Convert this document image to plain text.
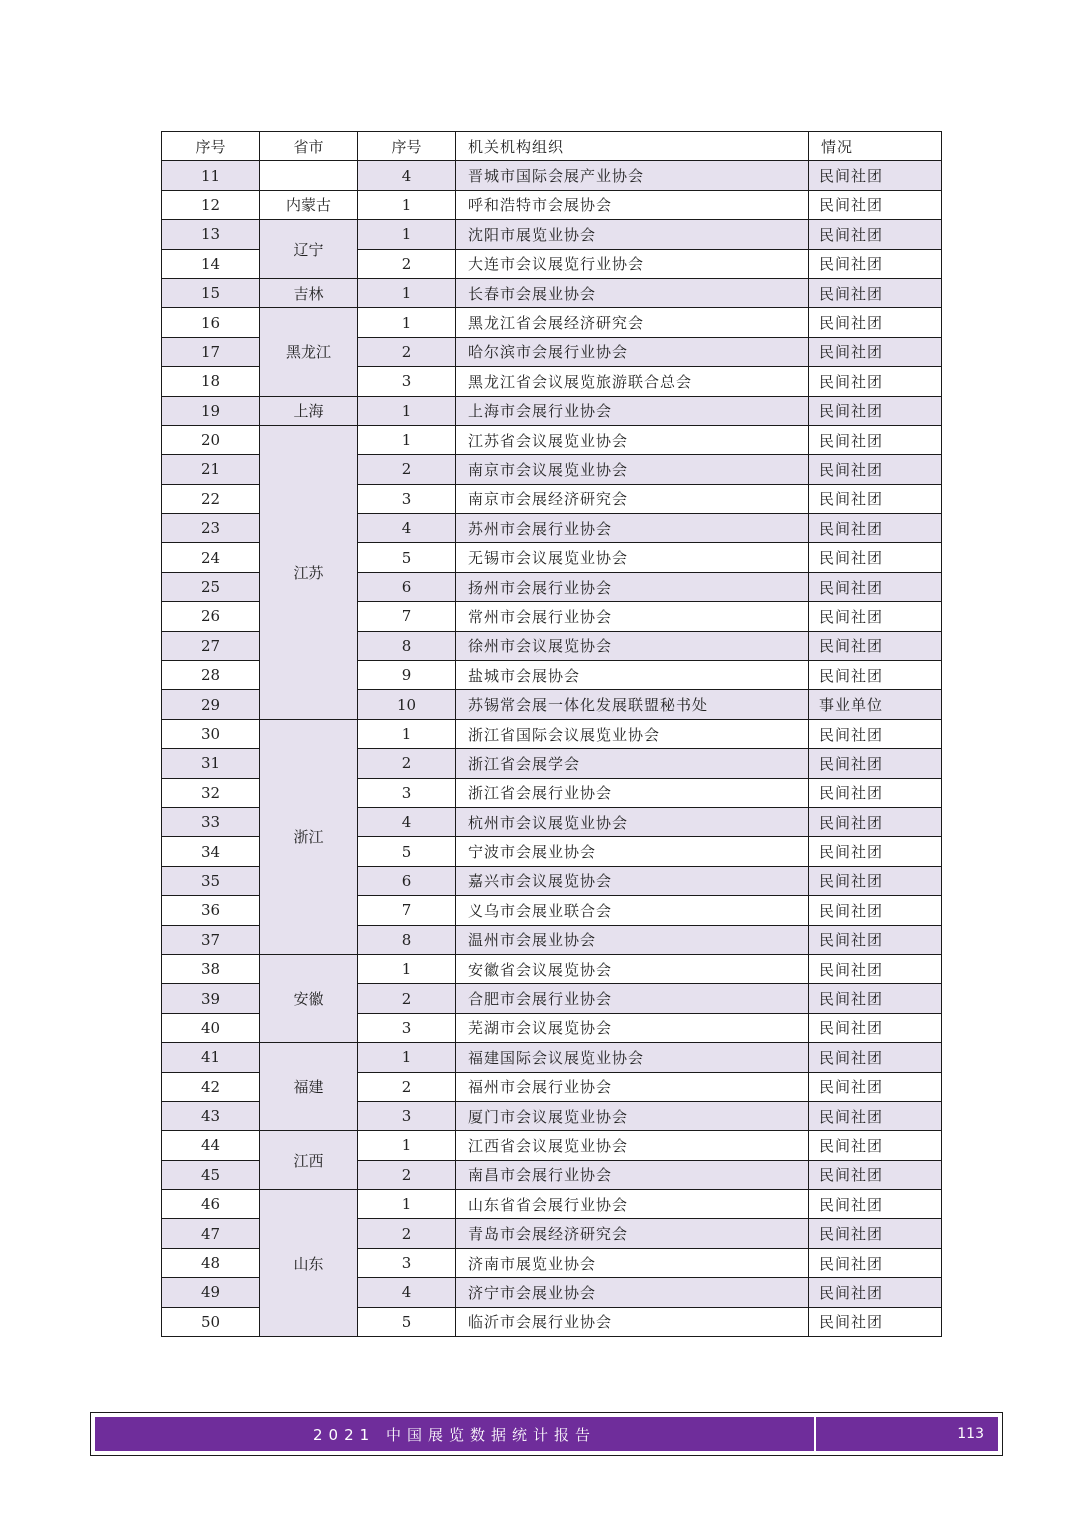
序号	省市	序号	机关机构组织	情况
11		4	晋城市国际会展产业协会	民间社团
12	内蒙古	1	呼和浩特市会展协会	民间社团
13	辽宁	1	沈阳市展览业协会	民间社团
14		2	大连市会议展览行业协会	民间社团
15	吉林	1	长春市会展业协会	民间社团
16	黑龙江	1	黑龙江省会展经济研究会	民间社团
17		2	哈尔滨市会展行业协会	民间社团
18		3	黑龙江省会议展览旅游联合总会	民间社团
19	上海	1	上海市会展行业协会	民间社团
20	江苏	1	江苏省会议展览业协会	民间社团
21		2	南京市会议展览业协会	民间社团
22		3	南京市会展经济研究会	民间社团
23		4	苏州市会展行业协会	民间社团
24		5	无锡市会议展览业协会	民间社团
25		6	扬州市会展行业协会	民间社团
26		7	常州市会展行业协会	民间社团
27		8	徐州市会议展览协会	民间社团
28		9	盐城市会展协会	民间社团
29		10	苏锡常会展一体化发展联盟秘书处	事业单位
30	浙江	1	浙江省国际会议展览业协会	民间社团
31		2	浙江省会展学会	民间社团
32		3	浙江省会展行业协会	民间社团
33		4	杭州市会议展览业协会	民间社团
34		5	宁波市会展业协会	民间社团
35		6	嘉兴市会议展览协会	民间社团
36		7	义乌市会展业联合会	民间社团
37		8	温州市会展业协会	民间社团
38	安徽	1	安徽省会议展览协会	民间社团
39		2	合肥市会展行业协会	民间社团
40		3	芜湖市会议展览协会	民间社团
41	福建	1	福建国际会议展览业协会	民间社团
42		2	福州市会展行业协会	民间社团
43		3	厦门市会议展览业协会	民间社团
44	江西	1	江西省会议展览业协会	民间社团
45		2	南昌市会展行业协会	民间社团
46	山东	1	山东省省会展行业协会	民间社团
47		2	青岛市会展经济研究会	民间社团
48		3	济南市展览业协会	民间社团
49		4	济宁市会展业协会	民间社团
50		5	临沂市会展行业协会	民间社团
2021 中国展览数据统计报告	113
